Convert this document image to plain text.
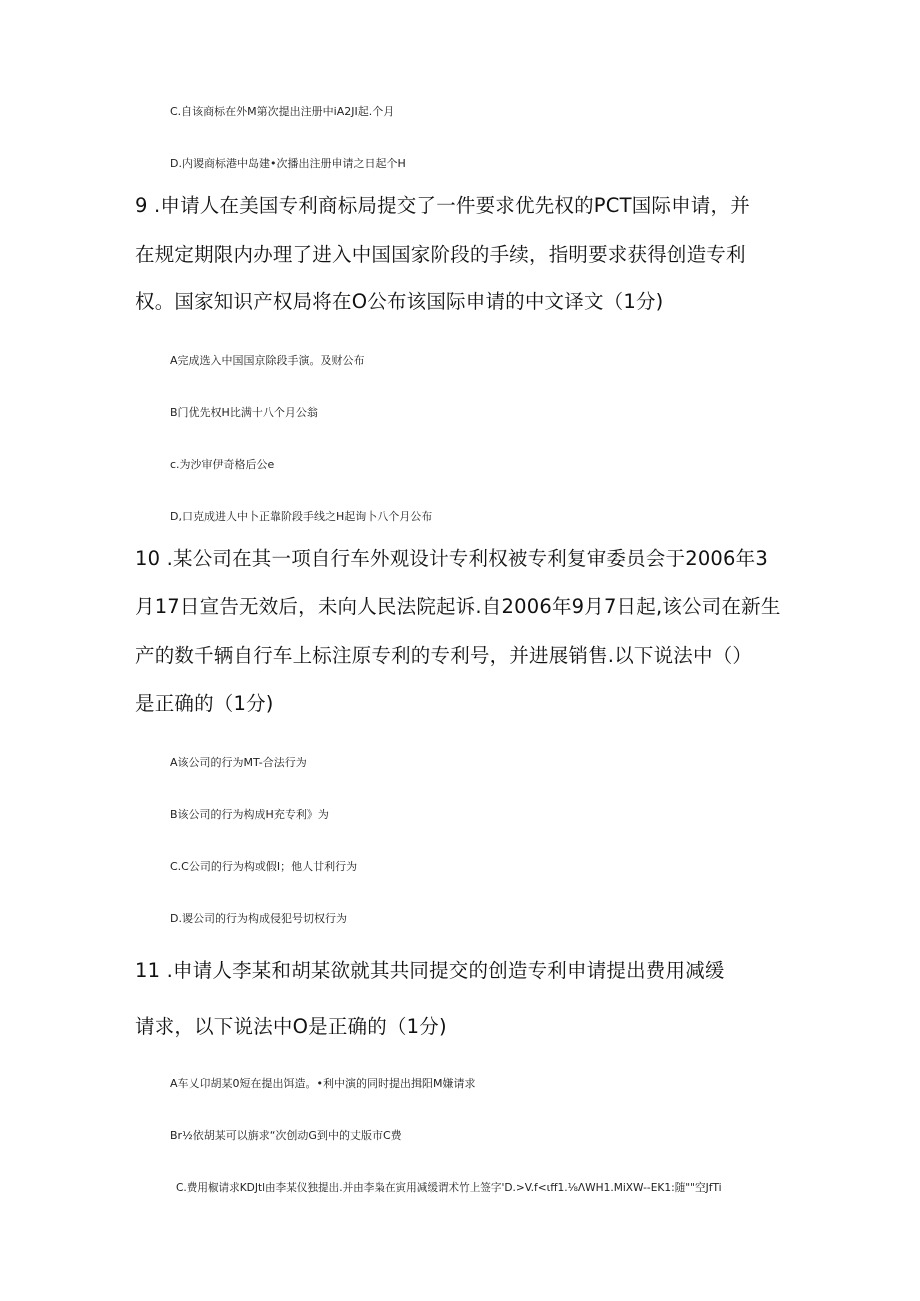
C.自该商标在外M第次提出注册中iA2JI起.个月
D.内谡商标港中岛建•次播出注册申请之日起个H
9 .申请人在美国专利商标局提交了一件要求优先权的PCT国际申请，并
在规定期限内办理了进入中国国家阶段的手续，指明要求获得创造专利
权。国家知识产权局将在O公布该国际申请的中文译文（1分)
A完成选入中国国京除段手演。及财公布
B门优先权H比满十八个月公翁
c.为沙审伊奇格后公e
D,口克成进人中卜正靠阶段手线之H起询卜八个月公布
10 .某公司在其一项自行车外观设计专利权被专利复审委员会于2006年3
月17日宣告无效后，未向人民法院起诉.自2006年9月7日起,该公司在新生
产的数千辆自行车上标注原专利的专利号，并进展销售.以下说法中（）
是正确的（1分)
A该公司的行为MT-合法行为
B该公司的行为构成H充专利》为
C.C公司的行为构或假I；他人廿利行为
D.谡公司的行为构成侵犯号切权行为
11 .申请人李某和胡某欲就其共同提交的创造专利申请提出费用减缓
请求，以下说法中O是正确的（1分)
A车乂卬胡某0短在提出饵造。•利中演的同时提出揖阳M嫌请求
Br½依胡某可以旃求“次创动G到中的丈版市C费
C.费用椒请求KDJtl由李某仪独提出.并由李枭在寅用减缓谓术竹上签字'D.>V.f<ιff1.⅛ΛWH1.MiXW--EK1:随""空JfTi
